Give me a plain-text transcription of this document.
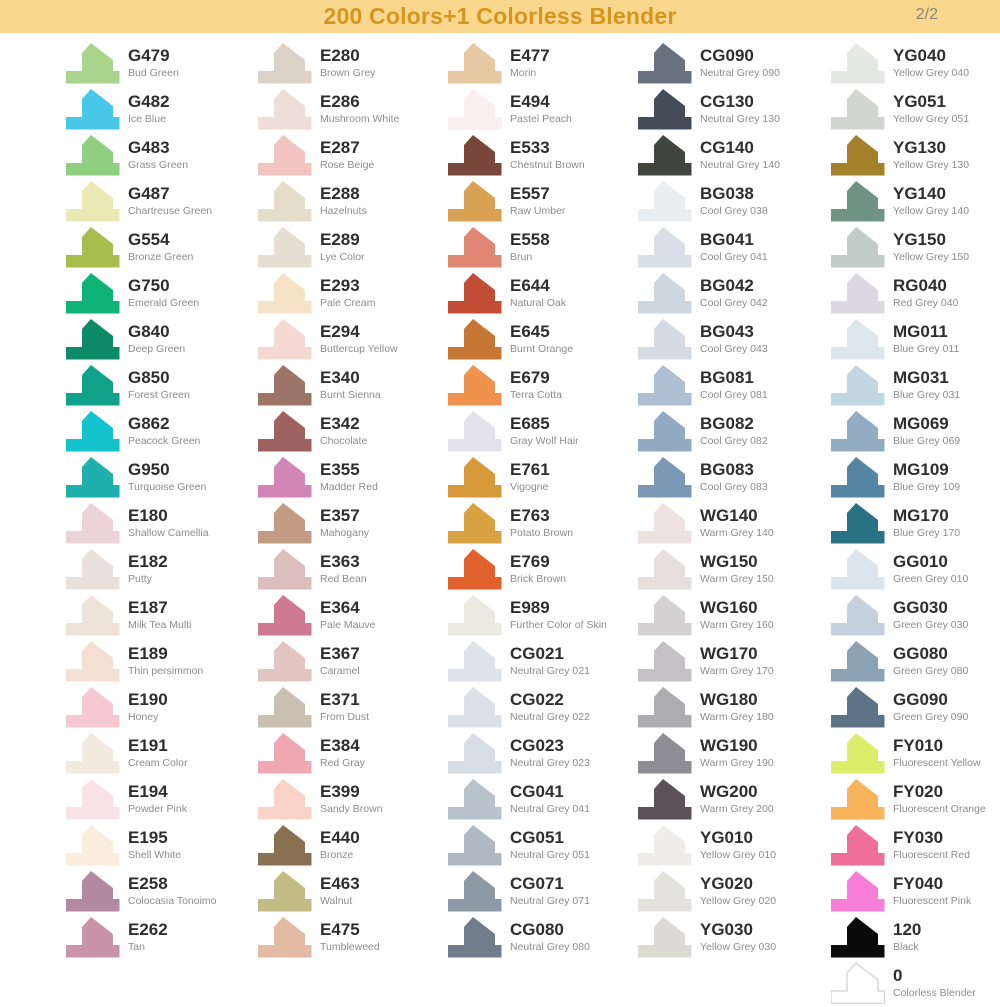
200 Colors+1 Colorless Blender	2/2
G479
Bud Green
G482
Ice Blue
G483
Grass Green
G487
Chartreuse Green
G554
Bronze Green
G750
Emerald Green
G840
Deep Green
G850
Forest Green
G862
Peacock Green
G950
Turquoise Green
E180
Shallow Camellia
E182
Putty
E187
Milk Tea Multi
E189
Thin persimmon
E190
Honey
E191
Cream Color
E194
Powder Pink
E195
Shell White
E258
Colocasia Tonoimo
E262
Tan
E280
Brown Grey
E286
Mushroom White
E287
Rose Beige
E288
Hazelnuts
E289
Lye Color
E293
Pale Cream
E294
Buttercup Yellow
E340
Burnt Sienna
E342
Chocolate
E355
Madder Red
E357
Mahogany
E363
Red Bean
E364
Pale Mauve
E367
Caramel
E371
From Dust
E384
Red Gray
E399
Sandy Brown
E440
Bronze
E463
Walnut
E475
Tumbleweed
E477
Morin
E494
Pastel Peach
E533
Chestnut Brown
E557
Raw Umber
E558
Brun
E644
Natural Oak
E645
Burnt Orange
E679
Terra Cotta
E685
Gray Wolf Hair
E761
Vigogne
E763
Potato Brown
E769
Brick Brown
E989
Further Color of Skin
CG021
Neutral Grey 021
CG022
Neutral Grey 022
CG023
Neutral Grey 023
CG041
Neutral Grey 041
CG051
Neutral Grey 051
CG071
Neutral Grey 071
CG080
Neutral Grey 080
CG090
Neutral Grey 090
CG130
Neutral Grey 130
CG140
Neutral Grey 140
BG038
Cool Grey 038
BG041
Cool Grey 041
BG042
Cool Grey 042
BG043
Cool Grey 043
BG081
Cool Grey 081
BG082
Cool Grey 082
BG083
Cool Grey 083
WG140
Warm Grey 140
WG150
Warm Grey 150
WG160
Warm Grey 160
WG170
Warm Grey 170
WG180
Warm Grey 180
WG190
Warm Grey 190
WG200
Warm Grey 200
YG010
Yellow Grey 010
YG020
Yellow Grey 020
YG030
Yellow Grey 030
YG040
Yellow Grey 040
YG051
Yellow Grey 051
YG130
Yellow Grey 130
YG140
Yellow Grey 140
YG150
Yellow Grey 150
RG040
Red Grey 040
MG011
Blue Grey 011
MG031
Blue Grey 031
MG069
Blue Grey 069
MG109
Blue Grey 109
MG170
Blue Grey 170
GG010
Green Grey 010
GG030
Green Grey 030
GG080
Green Grey 080
GG090
Green Grey 090
FY010
Fluorescent Yellow
FY020
Fluorescent Orange
FY030
Fluorescent Red
FY040
Fluorescent Pink
120
Black
0
Colorless Blender
